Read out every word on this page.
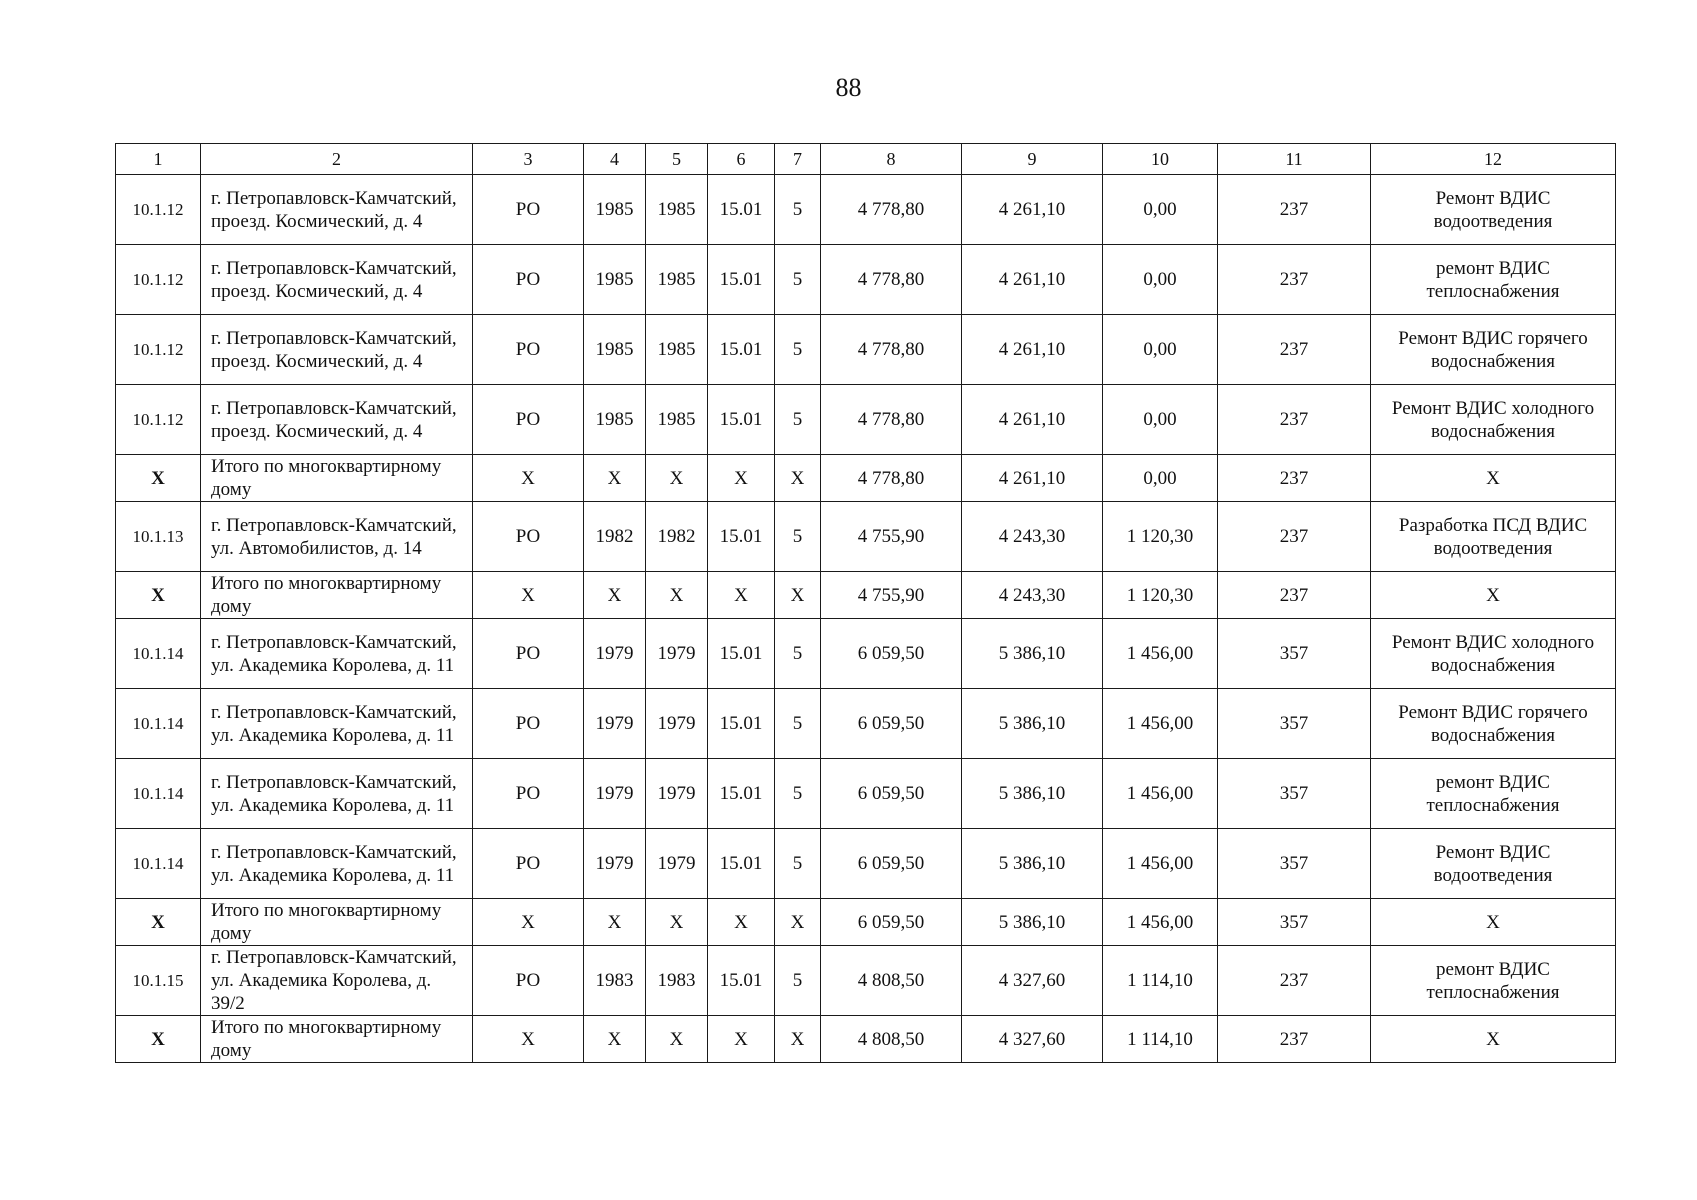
88
1	2	3	4	5	6	7	8	9	10	11	12
10.1.12	г. Петропавловск-Камчатский, проезд. Космический, д. 4	РО	1985	1985	15.01	5	4 778,80	4 261,10	0,00	237	Ремонт ВДИС водоотведения
10.1.12	г. Петропавловск-Камчатский, проезд. Космический, д. 4	РО	1985	1985	15.01	5	4 778,80	4 261,10	0,00	237	ремонт ВДИС теплоснабжения
10.1.12	г. Петропавловск-Камчатский, проезд. Космический, д. 4	РО	1985	1985	15.01	5	4 778,80	4 261,10	0,00	237	Ремонт ВДИС горячего водоснабжения
10.1.12	г. Петропавловск-Камчатский, проезд. Космический, д. 4	РО	1985	1985	15.01	5	4 778,80	4 261,10	0,00	237	Ремонт ВДИС холодного водоснабжения
Х	Итого по многоквартирному дому	Х	Х	Х	Х	Х	4 778,80	4 261,10	0,00	237	Х
10.1.13	г. Петропавловск-Камчатский, ул. Автомобилистов, д. 14	РО	1982	1982	15.01	5	4 755,90	4 243,30	1 120,30	237	Разработка ПСД ВДИС водоотведения
Х	Итого по многоквартирному дому	Х	Х	Х	Х	Х	4 755,90	4 243,30	1 120,30	237	Х
10.1.14	г. Петропавловск-Камчатский, ул. Академика Королева, д. 11	РО	1979	1979	15.01	5	6 059,50	5 386,10	1 456,00	357	Ремонт ВДИС холодного водоснабжения
10.1.14	г. Петропавловск-Камчатский, ул. Академика Королева, д. 11	РО	1979	1979	15.01	5	6 059,50	5 386,10	1 456,00	357	Ремонт ВДИС горячего водоснабжения
10.1.14	г. Петропавловск-Камчатский, ул. Академика Королева, д. 11	РО	1979	1979	15.01	5	6 059,50	5 386,10	1 456,00	357	ремонт ВДИС теплоснабжения
10.1.14	г. Петропавловск-Камчатский, ул. Академика Королева, д. 11	РО	1979	1979	15.01	5	6 059,50	5 386,10	1 456,00	357	Ремонт ВДИС водоотведения
Х	Итого по многоквартирному дому	Х	Х	Х	Х	Х	6 059,50	5 386,10	1 456,00	357	Х
10.1.15	г. Петропавловск-Камчатский, ул. Академика Королева, д. 39/2	РО	1983	1983	15.01	5	4 808,50	4 327,60	1 114,10	237	ремонт ВДИС теплоснабжения
Х	Итого по многоквартирному дому	Х	Х	Х	Х	Х	4 808,50	4 327,60	1 114,10	237	Х
